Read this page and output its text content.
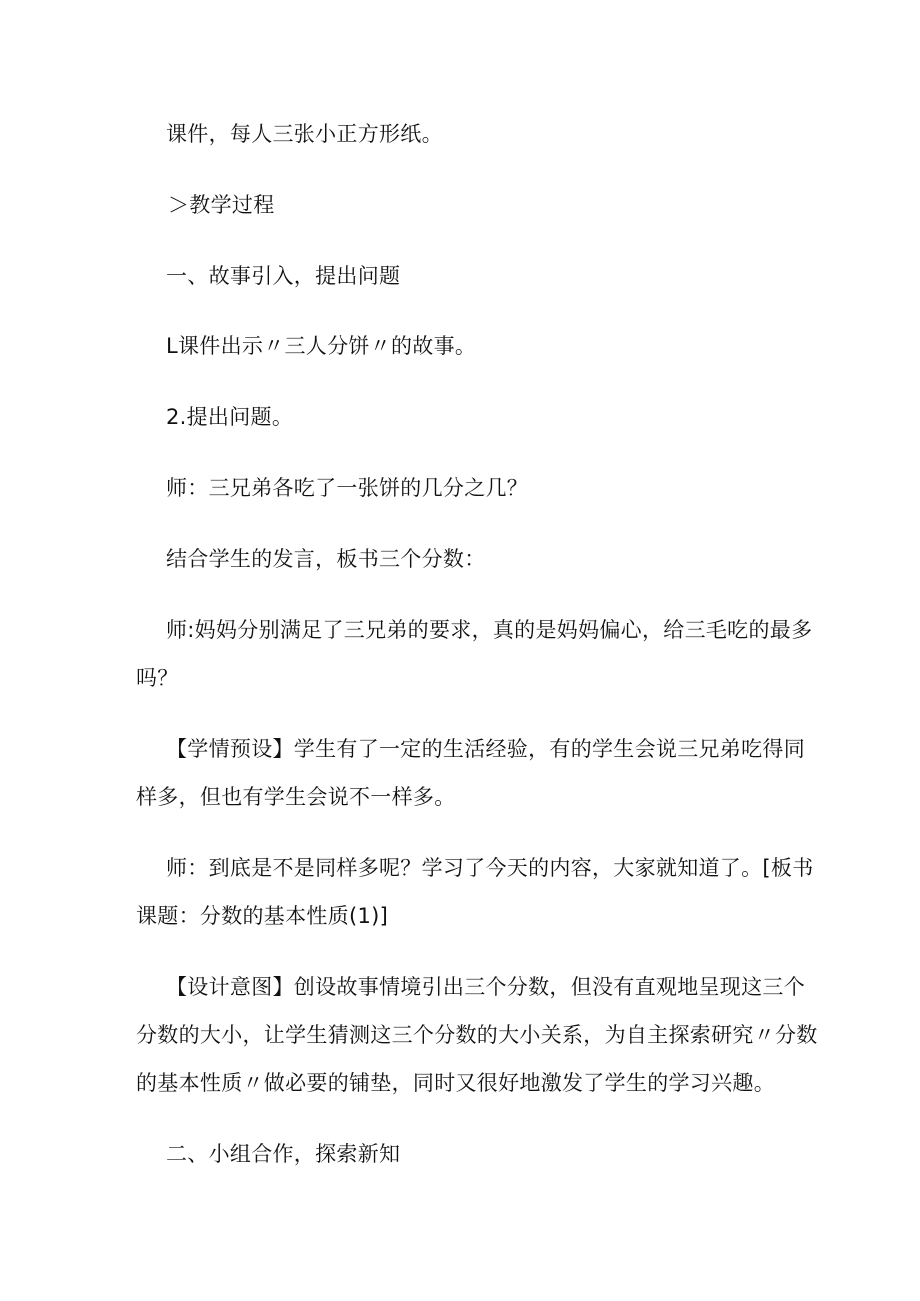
课件，每人三张小正方形纸。
＞教学过程
一、故事引入，提出问题
L课件出示〃三人分饼〃的故事。
2.提出问题。
师：三兄弟各吃了一张饼的几分之几？
结合学生的发言，板书三个分数：
师:妈妈分别满足了三兄弟的要求，真的是妈妈偏心，给三毛吃的最多
吗？
【学情预设】学生有了一定的生活经验，有的学生会说三兄弟吃得同
样多，但也有学生会说不一样多。
师：到底是不是同样多呢？学习了今天的内容，大家就知道了。[板书
课题：分数的基本性质(1)]
【设计意图】创设故事情境引出三个分数，但没有直观地呈现这三个
分数的大小，让学生猜测这三个分数的大小关系，为自主探索研究〃分数
的基本性质〃做必要的铺垫，同时又很好地激发了学生的学习兴趣。
二、小组合作，探索新知
